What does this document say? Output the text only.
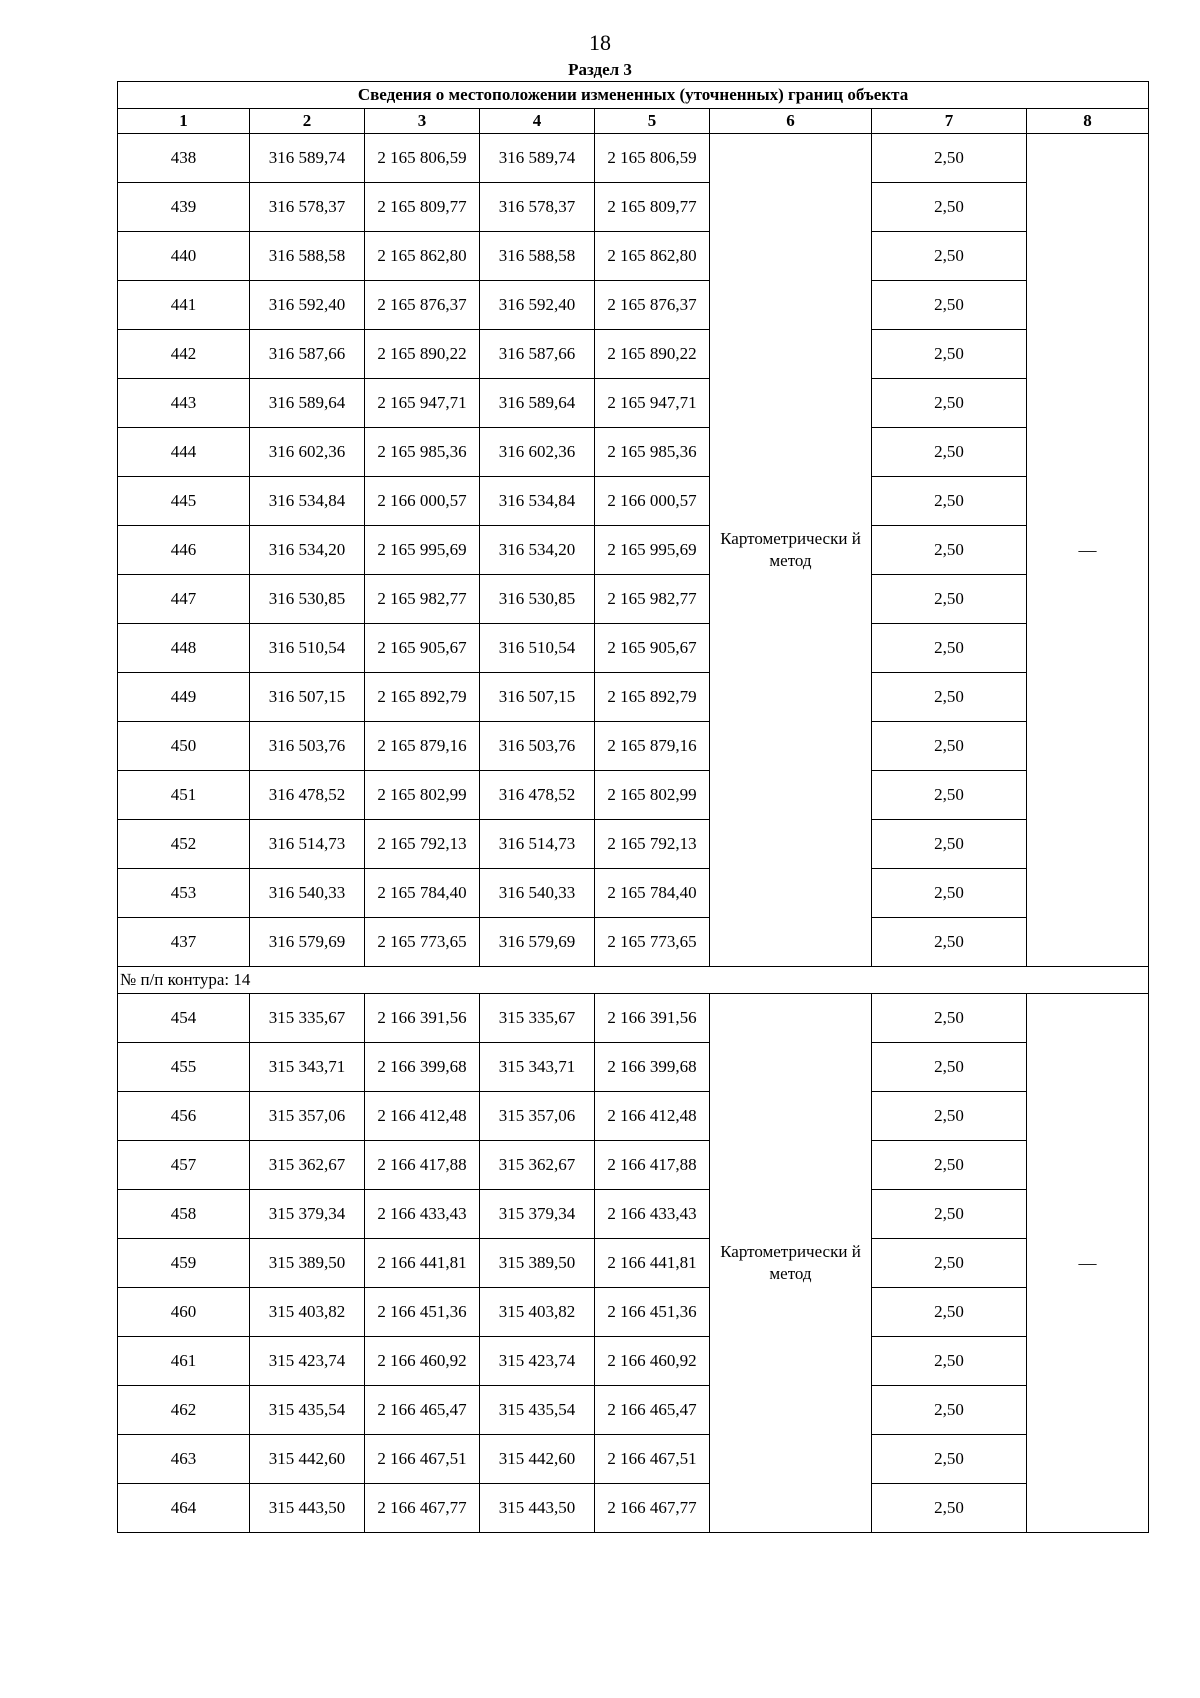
18
Раздел 3
Сведения о местоположении измененных (уточненных) границ объекта							
1	2	3	4	5	6	7	8
438	316 589,74	2 165 806,59	316 589,74	2 165 806,59	Картометрически й метод	2,50	—
439	316 578,37	2 165 809,77	316 578,37	2 165 809,77		2,50	
440	316 588,58	2 165 862,80	316 588,58	2 165 862,80		2,50	
441	316 592,40	2 165 876,37	316 592,40	2 165 876,37		2,50	
442	316 587,66	2 165 890,22	316 587,66	2 165 890,22		2,50	
443	316 589,64	2 165 947,71	316 589,64	2 165 947,71		2,50	
444	316 602,36	2 165 985,36	316 602,36	2 165 985,36		2,50	
445	316 534,84	2 166 000,57	316 534,84	2 166 000,57		2,50	
446	316 534,20	2 165 995,69	316 534,20	2 165 995,69		2,50	
447	316 530,85	2 165 982,77	316 530,85	2 165 982,77		2,50	
448	316 510,54	2 165 905,67	316 510,54	2 165 905,67		2,50	
449	316 507,15	2 165 892,79	316 507,15	2 165 892,79		2,50	
450	316 503,76	2 165 879,16	316 503,76	2 165 879,16		2,50	
451	316 478,52	2 165 802,99	316 478,52	2 165 802,99		2,50	
452	316 514,73	2 165 792,13	316 514,73	2 165 792,13		2,50	
453	316 540,33	2 165 784,40	316 540,33	2 165 784,40		2,50	
437	316 579,69	2 165 773,65	316 579,69	2 165 773,65		2,50	
№ п/п контура: 14							
454	315 335,67	2 166 391,56	315 335,67	2 166 391,56	Картометрически й метод	2,50	—
455	315 343,71	2 166 399,68	315 343,71	2 166 399,68		2,50	
456	315 357,06	2 166 412,48	315 357,06	2 166 412,48		2,50	
457	315 362,67	2 166 417,88	315 362,67	2 166 417,88		2,50	
458	315 379,34	2 166 433,43	315 379,34	2 166 433,43		2,50	
459	315 389,50	2 166 441,81	315 389,50	2 166 441,81		2,50	
460	315 403,82	2 166 451,36	315 403,82	2 166 451,36		2,50	
461	315 423,74	2 166 460,92	315 423,74	2 166 460,92		2,50	
462	315 435,54	2 166 465,47	315 435,54	2 166 465,47		2,50	
463	315 442,60	2 166 467,51	315 442,60	2 166 467,51		2,50	
464	315 443,50	2 166 467,77	315 443,50	2 166 467,77		2,50	
